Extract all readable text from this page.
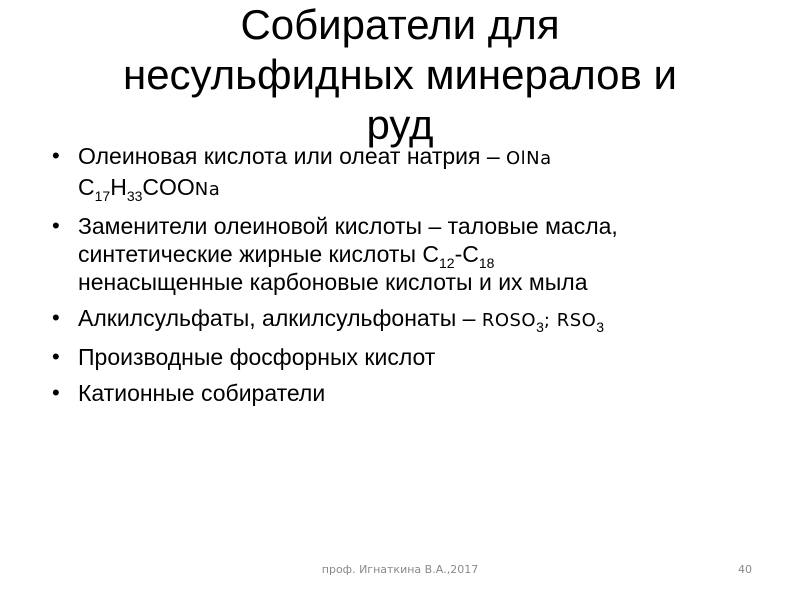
Собиратели для
несульфидных минералов и
руд
• Олеиновая кислота или олеат натрия – OlNa
$C_{17}H_{33}COONa$
• Заменители олеиновой кислоты – таловые масла,
синтетические жирные кислоты $С_{12}-С_{18}$
ненасыщенные карбоновые кислоты и их мыла
• Алкилсульфаты, алкилсульфонаты – $ROSO_3$; $RSO_3$
• Производные фосфорных кислот
• Катионные собиратели
проф. Игнаткина В.А.,2017	40
